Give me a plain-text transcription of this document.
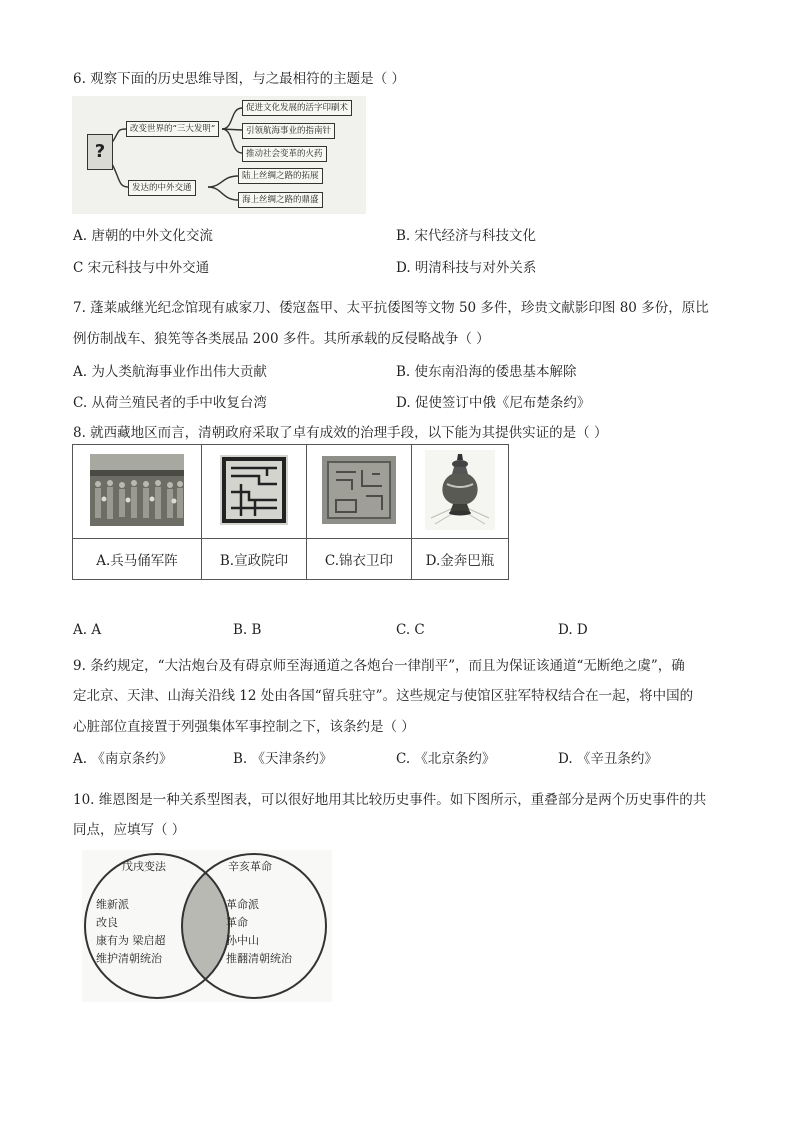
6. 观察下面的历史思维导图，与之最相符的主题是（ ）
?
改变世界的“三大发明”
促进文化发展的活字印刷术
引领航海事业的指南针
推动社会变革的火药
发达的中外交通
陆上丝绸之路的拓展
海上丝绸之路的鼎盛
A. 唐朝的中外文化交流	B. 宋代经济与科技文化
C 宋元科技与中外交通	D. 明清科技与对外关系
7. 蓬莱戚继光纪念馆现有戚家刀、倭寇盔甲、太平抗倭图等文物 50 多件，珍贵文献影印图 80 多份，原比
例仿制战车、狼筅等各类展品 200 多件。其所承载的反侵略战争（ ）
A. 为人类航海事业作出伟大贡献	B. 使东南沿海的倭患基本解除
C. 从荷兰殖民者的手中收复台湾	D. 促使签订中俄《尼布楚条约》
8. 就西藏地区而言，清朝政府采取了卓有成效的治理手段，以下能为其提供实证的是（ ）

A.兵马俑军阵	B.宣政院印	C.锦衣卫印	D.金奔巴瓶
A. A	B. B	C. C	D. D
9. 条约规定，“大沽炮台及有碍京师至海通道之各炮台一律削平”，而且为保证该通道“无断绝之虞”，确
定北京、天津、山海关沿线 12 处由各国“留兵驻守”。这些规定与使馆区驻军特权结合在一起，将中国的
心脏部位直接置于列强集体军事控制之下，该条约是（ ）
A. 《南京条约》	B. 《天津条约》	C. 《北京条约》	D. 《辛丑条约》
10. 维恩图是一种关系型图表，可以很好地用其比较历史事件。如下图所示，重叠部分是两个历史事件的共
同点，应填写（ ）
戊戌变法
维新派
改良
康有为 梁启超
维护清朝统治
辛亥革命
革命派
革命
孙中山
推翻清朝统治
